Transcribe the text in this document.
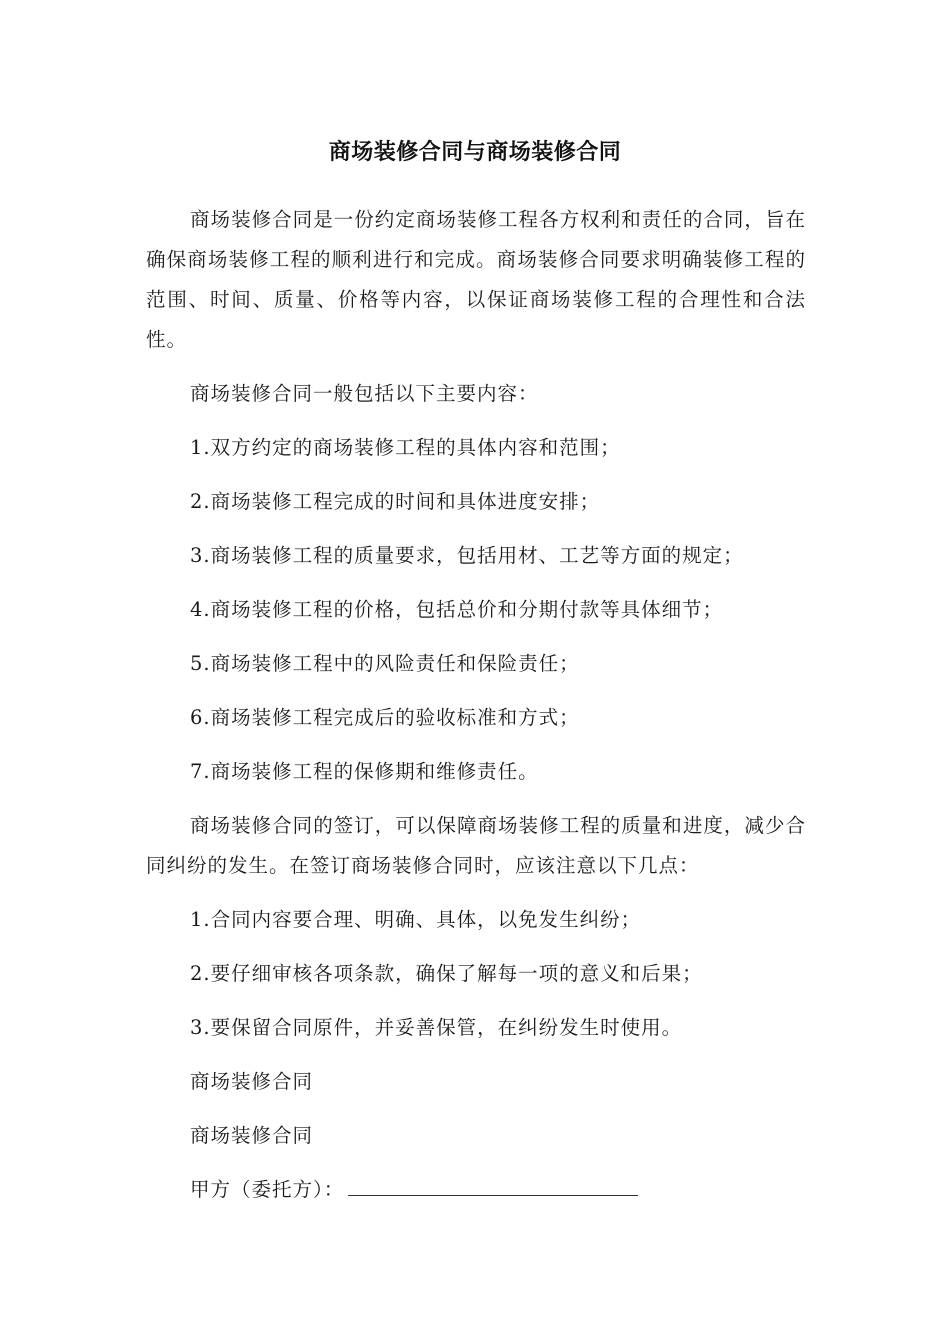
商场装修合同与商场装修合同

商场装修合同是一份约定商场装修工程各方权利和责任的合同，旨在确保商场装修工程的顺利进行和完成。商场装修合同要求明确装修工程的范围、时间、质量、价格等内容，以保证商场装修工程的合理性和合法性。

商场装修合同一般包括以下主要内容：

1.双方约定的商场装修工程的具体内容和范围；

2.商场装修工程完成的时间和具体进度安排；

3.商场装修工程的质量要求，包括用材、工艺等方面的规定；

4.商场装修工程的价格，包括总价和分期付款等具体细节；

5.商场装修工程中的风险责任和保险责任；

6.商场装修工程完成后的验收标准和方式；

7.商场装修工程的保修期和维修责任。

商场装修合同的签订，可以保障商场装修工程的质量和进度，减少合同纠纷的发生。在签订商场装修合同时，应该注意以下几点：

1.合同内容要合理、明确、具体，以免发生纠纷；

2.要仔细审核各项条款，确保了解每一项的意义和后果；

3.要保留合同原件，并妥善保管，在纠纷发生时使用。

商场装修合同

商场装修合同

甲方（委托方）：
